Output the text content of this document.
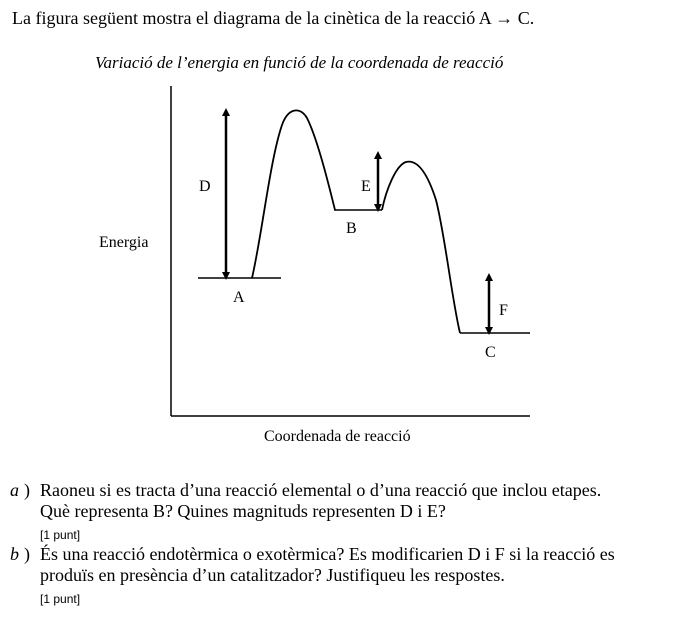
La figura següent mostra el diagrama de la cinètica de la reacció A → C.
Variació de l’energia en funció de la coordenada de reacció
D	E
B
A
F
C
Energia
Coordenada de reacció
a ) Raoneu si es tracta d’una reacció elemental o d’una reacció que inclou etapes.
Què representa B? Quines magnituds representen D i E?
[1 punt]
b ) És una reacció endotèrmica o exotèrmica? Es modificarien D i F si la reacció es
produïs en presència d’un catalitzador? Justifiqueu les respostes.
[1 punt]
